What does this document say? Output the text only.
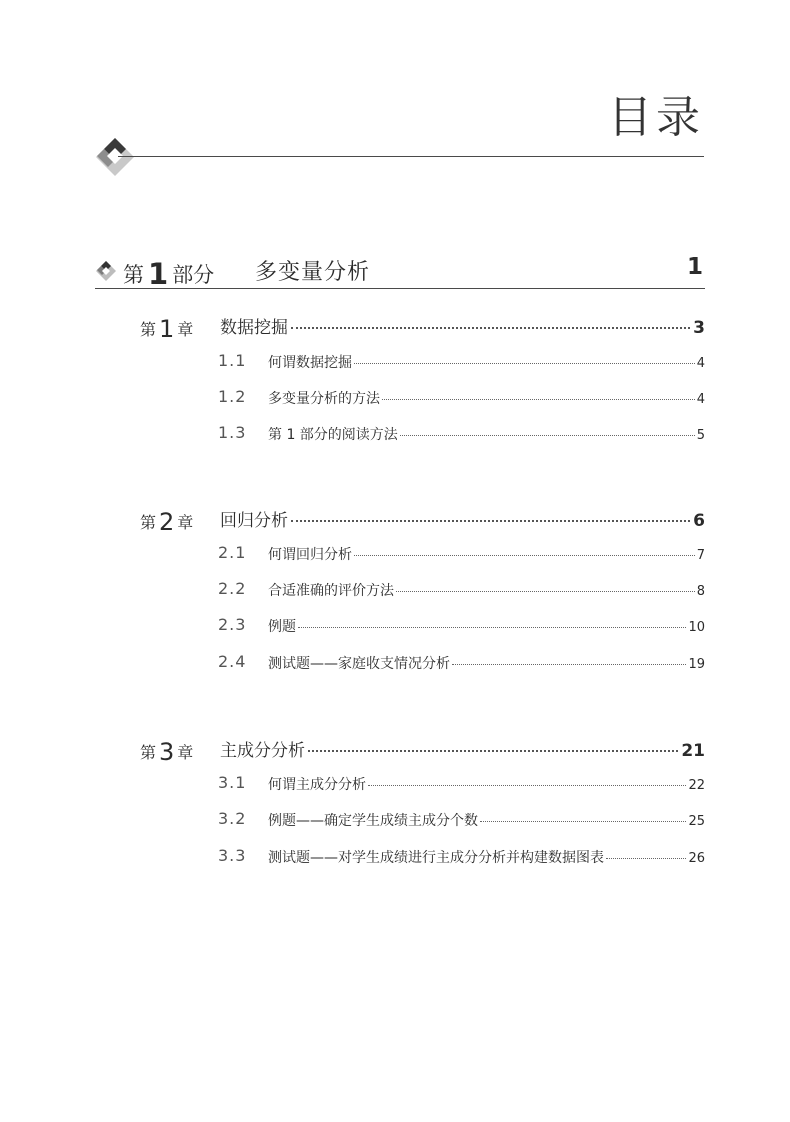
目录
第 1 部分 多变量分析	1
第 1 章 数据挖掘	3
1.1 何谓数据挖掘	4
1.2 多变量分析的方法	4
1.3 第 1 部分的阅读方法	5
第 2 章 回归分析	6
2.1 何谓回归分析	7
2.2 合适准确的评价方法	8
2.3 例题	10
2.4 测试题——家庭收支情况分析	19
第 3 章 主成分分析	21
3.1 何谓主成分分析	22
3.2 例题——确定学生成绩主成分个数	25
3.3 测试题——对学生成绩进行主成分分析并构建数据图表	26
